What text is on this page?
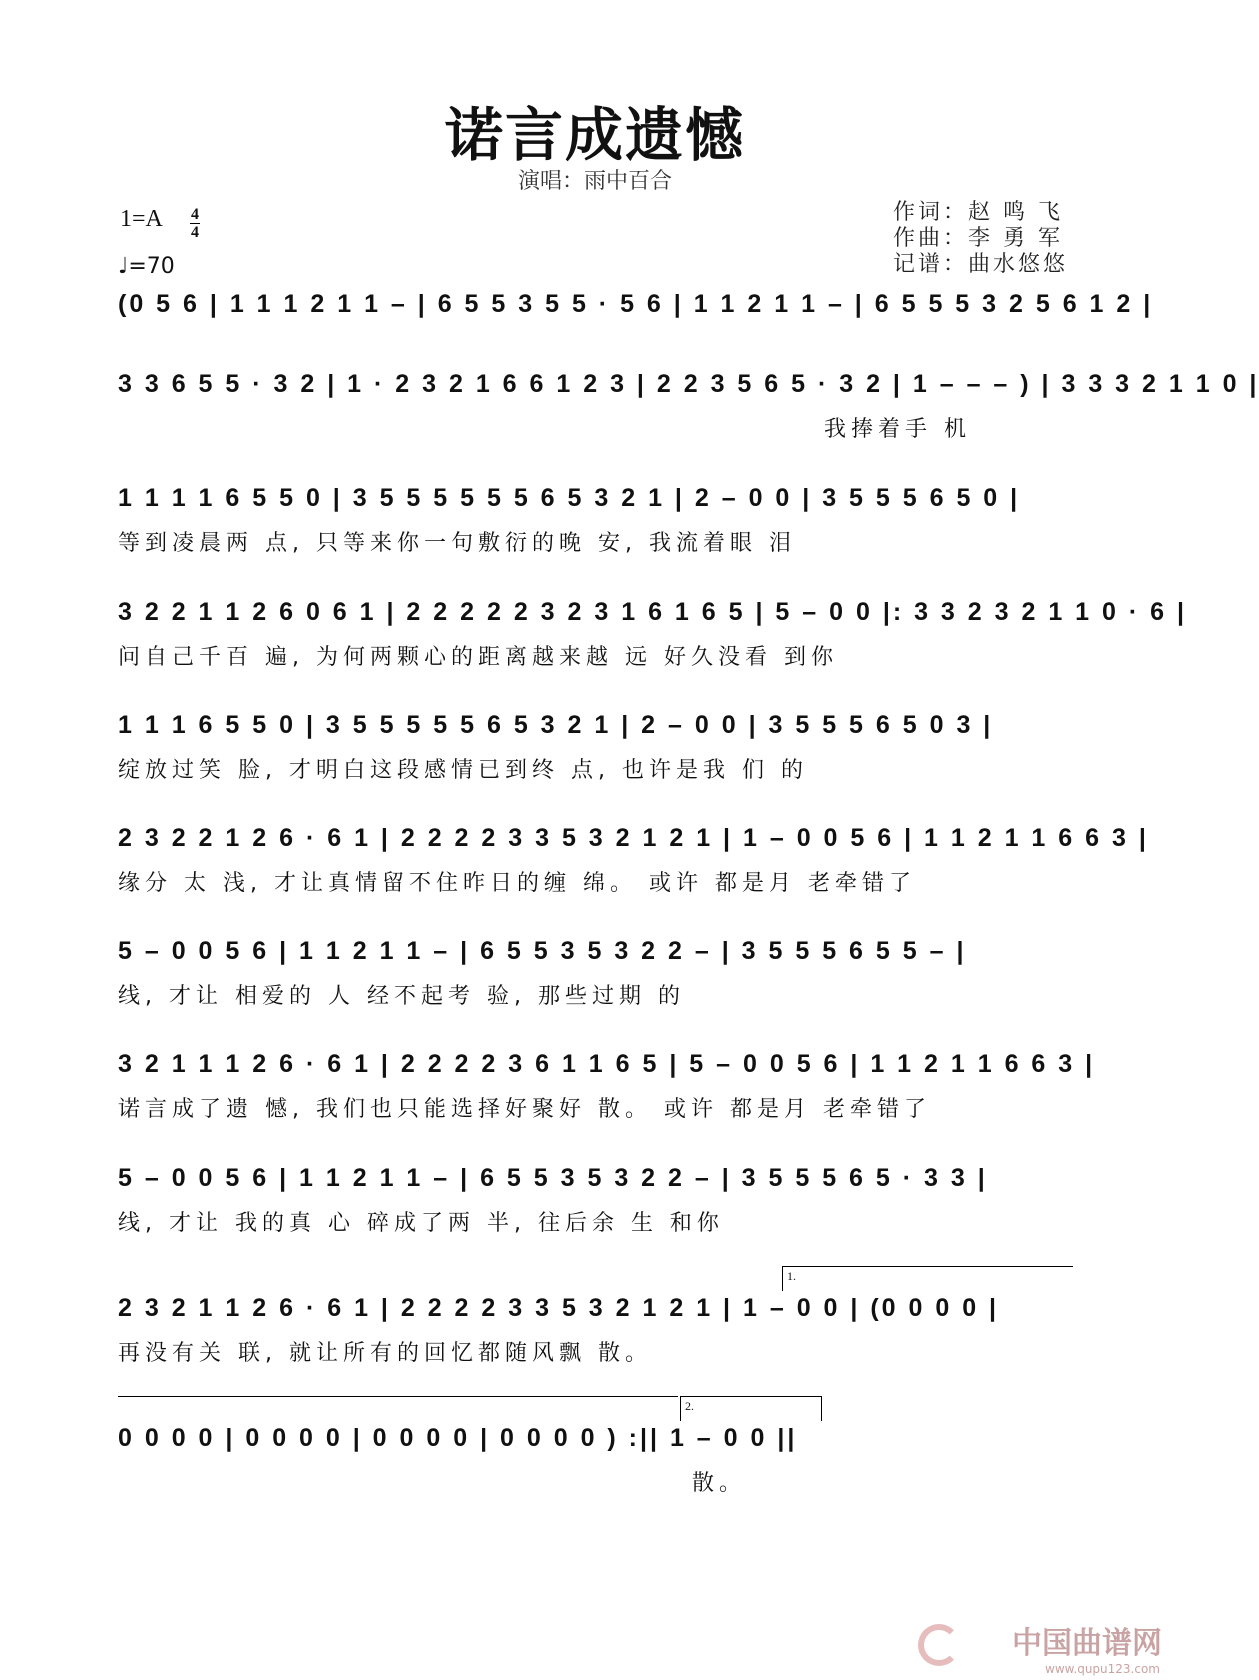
诺言成遗憾
演唱：雨中百合
1=A 4
4
♩=70
作词：赵 鸣 飞
作曲：李 勇 军
记谱：曲水悠悠
(0 5 6 | 1 1 1 2 1 1 – | 6 5 5 3 5 5 · 5 6 | 1 1 2 1 1 – | 6 5 5 5 3 2 5 6 1 2 |
3 3 6 5 5 · 3 2 | 1 · 2 3 2 1 6 6 1 2 3 | 2 2 3 5 6 5 · 3 2 | 1 – – – ) | 3 3 3 2 1 1 0 |
我捧着手 机
1 1 1 1 6 5 5 0 | 3 5 5 5 5 5 5 6 5 3 2 1 | 2 – 0 0 | 3 5 5 5 6 5 0 |
等到凌晨两 点, 只等来你一句敷衍的晚 安, 我流着眼 泪
3 2 2 1 1 2 6 0 6 1 | 2 2 2 2 2 3 2 3 1 6 1 6 5 | 5 – 0 0 |: 3 3 2 3 2 1 1 0 · 6 |
问自己千百 遍, 为何两颗心的距离越来越 远 好久没看 到你
1 1 1 6 5 5 0 | 3 5 5 5 5 5 6 5 3 2 1 | 2 – 0 0 | 3 5 5 5 6 5 0 3 |
绽放过笑 脸, 才明白这段感情已到终 点, 也许是我 们 的
2 3 2 2 1 2 6 · 6 1 | 2 2 2 2 3 3 5 3 2 1 2 1 | 1 – 0 0 5 6 | 1 1 2 1 1 6 6 3 |
缘分 太 浅, 才让真情留不住昨日的缠 绵。 或许 都是月 老牵错了
5 – 0 0 5 6 | 1 1 2 1 1 – | 6 5 5 3 5 3 2 2 – | 3 5 5 5 6 5 5 – |
线, 才让 相爱的 人 经不起考 验, 那些过期 的
3 2 1 1 1 2 6 · 6 1 | 2 2 2 2 3 6 1 1 6 5 | 5 – 0 0 5 6 | 1 1 2 1 1 6 6 3 |
诺言成了遗 憾, 我们也只能选择好聚好 散。 或许 都是月 老牵错了
5 – 0 0 5 6 | 1 1 2 1 1 – | 6 5 5 3 5 3 2 2 – | 3 5 5 5 6 5 · 3 3 |
线, 才让 我的真 心 碎成了两 半, 往后余 生 和你
1.
2 3 2 1 1 2 6 · 6 1 | 2 2 2 2 3 3 5 3 2 1 2 1 | 1 – 0 0 | (0 0 0 0 |
再没有关 联, 就让所有的回忆都随风飘 散。
2.
0 0 0 0 | 0 0 0 0 | 0 0 0 0 | 0 0 0 0 ) :|| 1 – 0 0 ||
散。
中国曲谱网
www.qupu123.com
